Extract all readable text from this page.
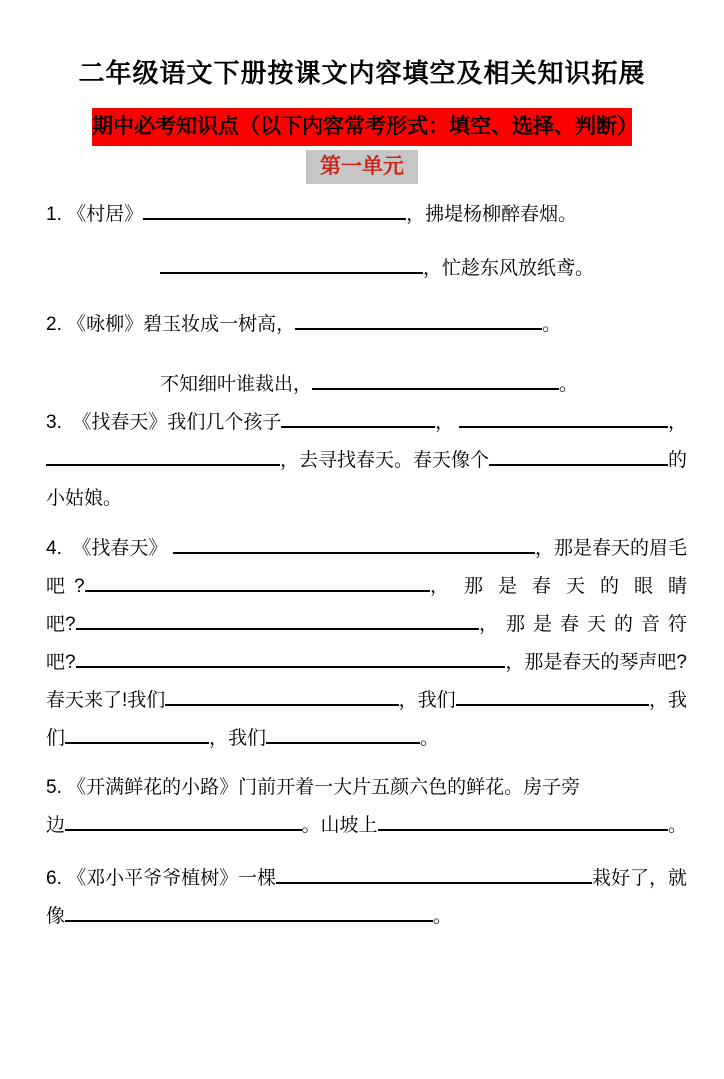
二年级语文下册按课文内容填空及相关知识拓展
期中必考知识点（以下内容常考形式：填空、选择、判断）
第一单元
1. 《村居》	，拂堤杨柳醉春烟。
，忙趁东风放纸鸢。
2. 《咏柳》碧玉妆成一树高，	。
不知细叶谁裁出，	。
3.  《找春天》我们几个孩子	，	，
，去寻找春天。春天像个	的
小姑娘。
4.  《找春天》	，那是春天的眉毛
吧?	，那是春天的眼睛
吧?	，那是春天的音符
吧?	，那是春天的琴声吧?
春天来了!我们	，我们	，我
们	，我们	。
5. 《开满鲜花的小路》门前开着一大片五颜六色的鲜花。房子旁
边	。山坡上	。
6. 《邓小平爷爷植树》一棵	栽好了，就
像	。
